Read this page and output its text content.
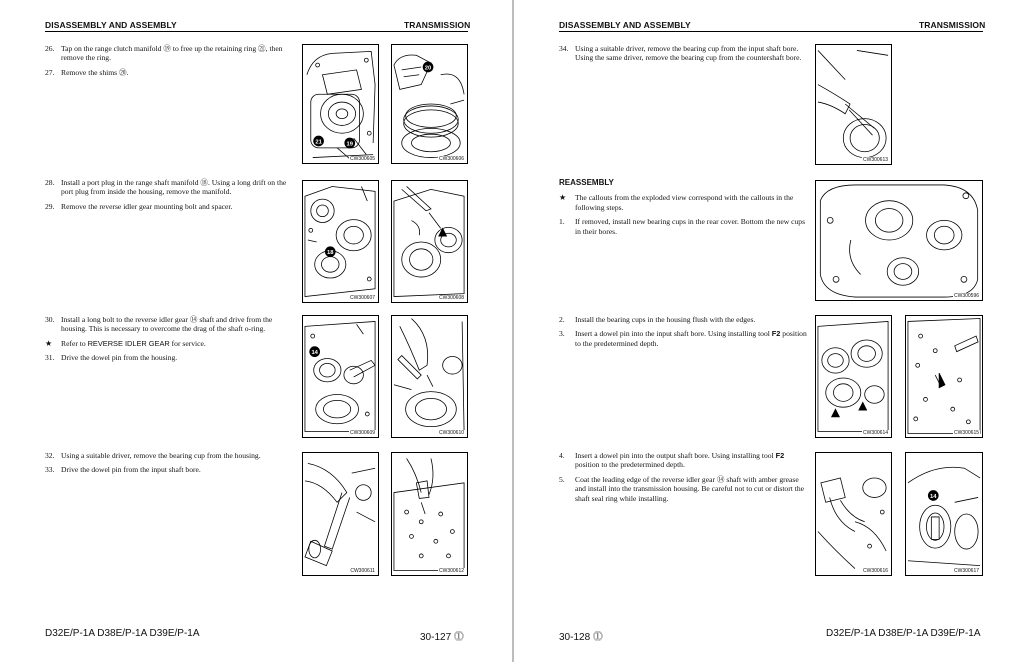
DISASSEMBLY AND ASSEMBLY	TRANSMISSION
26. Tap on the range clutch manifold ⑲ to free up the retaining ring ㉑, then remove the ring.
27. Remove the shims ⑳.
21	19
CW300605
20
CW300606
28. Install a port plug in the range shaft manifold ⑱. Using a long drift on the port plug from inside the housing, remove the manifold.
29. Remove the reverse idler gear mounting bolt and spacer.
18
CW300607	CW300608
30. Install a long bolt to the reverse idler gear ⑭ shaft and drive from the housing. This is necessary to overcome the drag of the shaft o-ring.
★ Refer to REVERSE IDLER GEAR for service.
31. Drive the dowel pin from the housing.
14
CW300609	CW300610
32. Using a suitable driver, remove the bearing cup from the housing.
33. Drive the dowel pin from the input shaft bore.
CW300611	CW300612
D32E/P-1A D38E/P-1A D39E/P-1A	30-127 ⓵
DISASSEMBLY AND ASSEMBLY	TRANSMISSION
34. Using a suitable driver, remove the bearing cup from the input shaft bore. Using the same driver, remove the bearing cup from the countershaft bore.
CW300613
REASSEMBLY
★ The callouts from the exploded view correspond with the callouts in the following steps.
1. If removed, install new bearing cups in the rear cover. Bottom the new cups in their bores.
CW300596
2. Install the bearing cups in the housing flush with the edges.
3. Insert a dowel pin into the input shaft bore. Using installing tool F2 position to the predetermined depth.
CW300614	CW300615
4. Insert a dowel pin into the output shaft bore. Using installing tool F2 position to the predetermined depth.
5. Coat the leading edge of the reverse idler gear ⑭ shaft with amber grease and install into the transmission housing. Be careful not to cut or distort the shaft seal ring while installing.
CW300616
14
CW300617
30-128 ⓵	D32E/P-1A D38E/P-1A D39E/P-1A
